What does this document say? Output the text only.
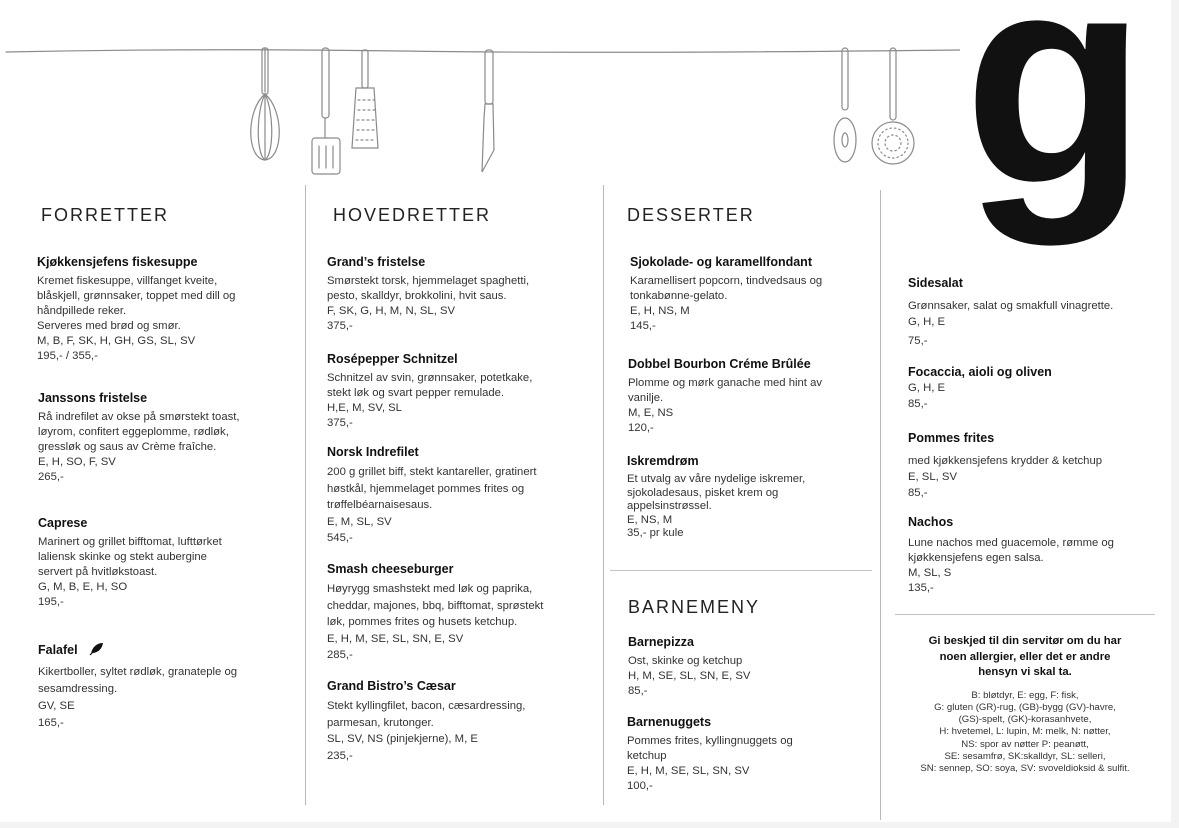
g
FORRETTER
Kjøkkensjefens fiskesuppe
Kremet fiskesuppe, villfanget kveite,
blåskjell, grønnsaker, toppet med dill og
håndpillede reker.
Serveres med brød og smør.
M, B, F, SK, H, GH, GS, SL, SV
195,- / 355,-
Janssons fristelse
Rå indrefilet av okse på smørstekt toast,
løyrom, confitert eggeplomme, rødløk,
gressløk og saus av Crème fraîche.
E, H, SO, F, SV
265,-
Caprese
Marinert og grillet bifftomat, lufttørket
laliensk skinke og stekt aubergine
servert på hvitløkstoast.
G, M, B, E, H, SO
195,-
Falafel
Kikertboller, syltet rødløk, granateple og
sesamdressing.
GV, SE
165,-
HOVEDRETTER
Grand’s fristelse
Smørstekt torsk, hjemmelaget spaghetti,
pesto, skalldyr, brokkolini, hvit saus.
F, SK, G, H, M, N, SL, SV
375,-
Rosépepper Schnitzel
Schnitzel av svin, grønnsaker, potetkake,
stekt løk og svart pepper remulade.
H,E, M, SV, SL
375,-
Norsk Indrefilet
200 g grillet biff, stekt kantareller, gratinert
høstkål, hjemmelaget pommes frites og
trøffelbéarnaisesaus.
E, M, SL, SV
545,-
Smash cheeseburger
Høyrygg smashstekt med løk og paprika,
cheddar, majones, bbq, bifftomat, sprøstekt
løk, pommes frites og husets ketchup.
E, H, M, SE, SL, SN, E, SV
285,-
Grand Bistro’s Cæsar
Stekt kyllingfilet, bacon, cæsardressing,
parmesan, krutonger.
SL, SV, NS (pinjekjerne), M, E
235,-
DESSERTER
Sjokolade- og karamellfondant
Karamellisert popcorn, tindvedsaus og
tonkabønne-gelato.
E, H, NS, M
145,-
Dobbel Bourbon Créme Brûlée
Plomme og mørk ganache med hint av
vanilje.
M, E, NS
120,-
Iskremdrøm
Et utvalg av våre nydelige iskremer,
sjokoladesaus, pisket krem og
appelsinstrøssel.
E, NS, M
35,- pr kule
BARNEMENY
Barnepizza
Ost, skinke og ketchup
H, M, SE, SL, SN, E, SV
85,-
Barnenuggets
Pommes frites, kyllingnuggets og
ketchup
E, H, M, SE, SL, SN, SV
100,-
Sidesalat
Grønnsaker, salat og smakfull vinagrette.
G, H, E
75,-
Focaccia, aioli og oliven
G, H, E
85,-
Pommes frites
med kjøkkensjefens krydder & ketchup
E, SL, SV
85,-
Nachos
Lune nachos med guacemole, rømme og
kjøkkensjefens egen salsa.
M, SL, S
135,-
Gi beskjed til din servitør om du har
noen allergier, eller det er andre
hensyn vi skal ta.
B: bløtdyr, E: egg, F: fisk,
G: gluten (GR)-rug, (GB)-bygg (GV)-havre,
(GS)-spelt, (GK)-korasanhvete,
H: hvetemel, L: lupin, M: melk, N: nøtter,
NS: spor av nøtter P: peanøtt,
SE: sesamfrø, SK:skalldyr, SL: selleri,
SN: sennep, SO: soya, SV: svoveldioksid & sulfit.
